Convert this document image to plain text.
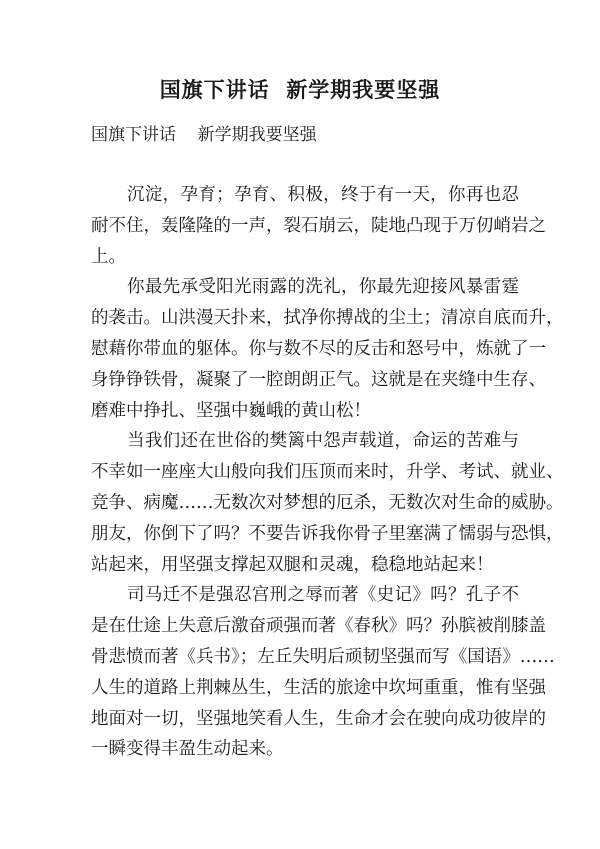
国旗下讲话  新学期我要坚强
国旗下讲话    新学期我要坚强
沉淀，孕育；孕育、积极，终于有一天，你再也忍
耐不住，轰隆隆的一声，裂石崩云，陡地凸现于万仞峭岩之
上。
你最先承受阳光雨露的洗礼，你最先迎接风暴雷霆
的袭击。山洪漫天扑来，拭净你搏战的尘土；清凉自底而升，
慰藉你带血的躯体。你与数不尽的反击和怒号中，炼就了一
身铮铮铁骨，凝聚了一腔朗朗正气。这就是在夹缝中生存、
磨难中挣扎、坚强中巍峨的黄山松！
当我们还在世俗的樊篱中怨声载道，命运的苦难与
不幸如一座座大山般向我们压顶而来时，升学、考试、就业、
竞争、病魔……无数次对梦想的厄杀，无数次对生命的威胁。
朋友，你倒下了吗？不要告诉我你骨子里塞满了懦弱与恐惧，
站起来，用坚强支撑起双腿和灵魂，稳稳地站起来！
司马迁不是强忍宫刑之辱而著《史记》吗？孔子不
是在仕途上失意后激奋顽强而著《春秋》吗？孙膑被削膝盖
骨悲愤而著《兵书》；左丘失明后顽韧坚强而写《国语》……
人生的道路上荆棘丛生，生活的旅途中坎坷重重，惟有坚强
地面对一切，坚强地笑看人生，生命才会在驶向成功彼岸的
一瞬变得丰盈生动起来。
